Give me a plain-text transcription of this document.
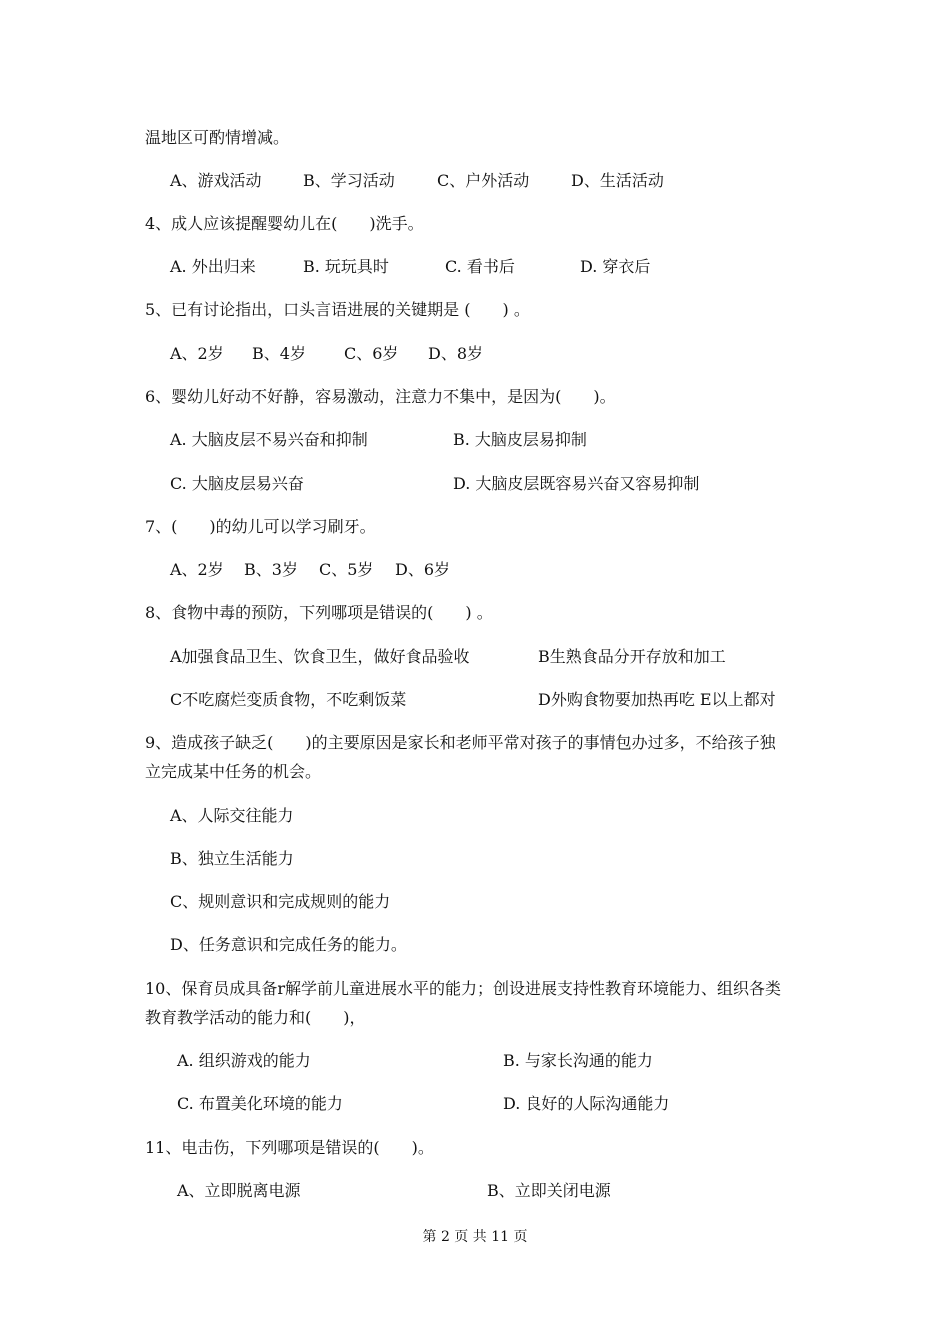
温地区可酌情增减。
A、游戏活动	B、学习活动	C、户外活动	D、生活活动
4、成人应该提醒婴幼儿在(　　)洗手。
A. 外出归来	B. 玩玩具时	C. 看书后	D. 穿衣后
5、已有讨论指出，口头言语进展的关键期是 (　　) 。
A、2岁 B、4岁 C、6岁 D、8岁
6、婴幼儿好动不好静，容易激动，注意力不集中，是因为(　　)。
A. 大脑皮层不易兴奋和抑制	B. 大脑皮层易抑制
C. 大脑皮层易兴奋	D. 大脑皮层既容易兴奋又容易抑制
7、(　　)的幼儿可以学习刷牙。
A、2岁 B、3岁 C、5岁 D、6岁
8、食物中毒的预防，下列哪项是错误的(　　) 。
A加强食品卫生、饮食卫生，做好食品验收	B生熟食品分开存放和加工
C不吃腐烂变质食物，不吃剩饭菜	D外购食物要加热再吃 E以上都对
9、造成孩子缺乏(　　)的主要原因是家长和老师平常对孩子的事情包办过多，不给孩子独
立完成某中任务的机会。
A、人际交往能力
B、独立生活能力
C、规则意识和完成规则的能力
D、任务意识和完成任务的能力。
10、保育员成具备r解学前儿童进展水平的能力；创设进展支持性教育环境能力、组织各类
教育教学活动的能力和(　　)，
A. 组织游戏的能力	B. 与家长沟通的能力
C. 布置美化环境的能力	D. 良好的人际沟通能力
11、电击伤，下列哪项是错误的(　　)。
A、立即脱离电源	B、立即关闭电源
第 2 页 共 11 页
